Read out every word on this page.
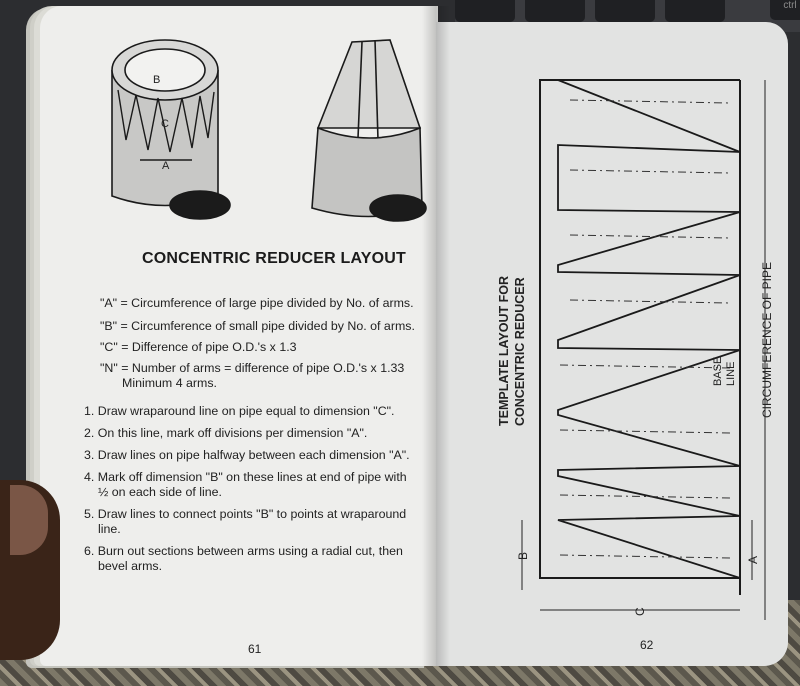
ctrl
B
C
A
CONCENTRIC REDUCER LAYOUT
"A" = Circumference of large pipe divided by No. of arms.
"B" = Circumference of small pipe divided by No. of arms.
"C" = Difference of pipe O.D.'s x 1.3
"N" = Number of arms = difference of pipe O.D.'s x 1.33
Minimum 4 arms.
1. Draw wraparound line on pipe equal to dimension "C".
2. On this line, mark off divisions per dimension "A".
3. Draw lines on pipe halfway between each dimension "A".
4. Mark off dimension "B" on these lines at end of pipe with
½ on each side of line.
5. Draw lines to connect points "B" to points at wraparound
line.
6. Burn out sections between arms using a radial cut, then
bevel arms.
61
TEMPLATE LAYOUT FOR CONCENTRIC REDUCER	BASE LINE CIRCUMFERENCE OF PIPE
B	A
C
62
